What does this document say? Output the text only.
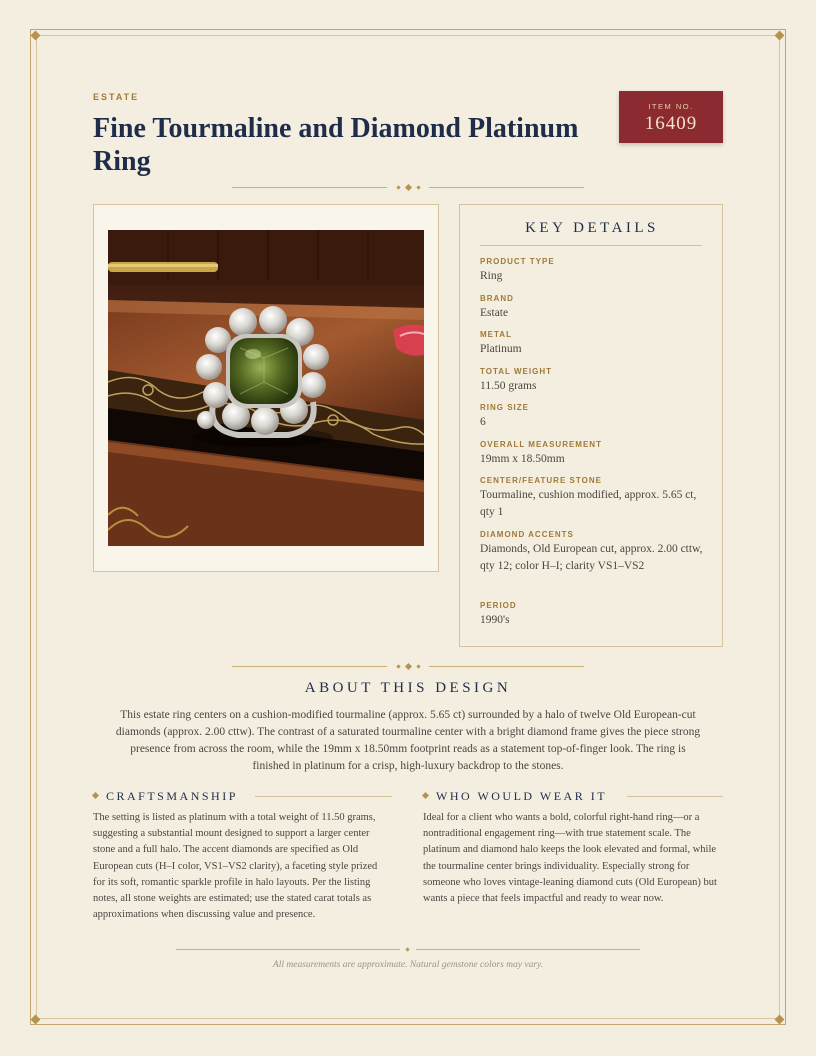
ESTATE
Fine Tourmaline and Diamond Platinum Ring
ITEM NO.
16409
KEY DETAILS
PRODUCT TYPE
Ring
BRAND
Estate
METAL
Platinum
TOTAL WEIGHT
11.50 grams
RING SIZE
6
OVERALL MEASUREMENT
19mm x 18.50mm
CENTER/FEATURE STONE
Tourmaline, cushion modified, approx. 5.65 ct, qty 1
DIAMOND ACCENTS
Diamonds, Old European cut, approx. 2.00 cttw, qty 12; color H–I; clarity VS1–VS2
PERIOD
1990's
ABOUT THIS DESIGN

This estate ring centers on a cushion-modified tourmaline (approx. 5.65 ct) surrounded by a halo of twelve Old European-cut diamonds (approx. 2.00 cttw). The contrast of a saturated tourmaline center with a bright diamond frame gives the piece strong presence from across the room, while the 19mm x 18.50mm footprint reads as a statement top-of-finger look. The ring is finished in platinum for a crisp, high-luxury backdrop to the stones.

CRAFTSMANSHIP

The setting is listed as platinum with a total weight of 11.50 grams, suggesting a substantial mount designed to support a larger center stone and a full halo. The accent diamonds are specified as Old European cuts (H–I color, VS1–VS2 clarity), a faceting style prized for its soft, romantic sparkle profile in halo layouts. Per the listing notes, all stone weights are estimated; use the stated carat totals as approximations when discussing value and presence.

WHO WOULD WEAR IT

Ideal for a client who wants a bold, colorful right-hand ring—or a nontraditional engagement ring—with true statement scale. The platinum and diamond halo keeps the look elevated and formal, while the tourmaline center brings individuality. Especially strong for someone who loves vintage-leaning diamond cuts (Old European) but wants a piece that feels impactful and ready to wear now.

All measurements are approximate. Natural gemstone colors may vary.
